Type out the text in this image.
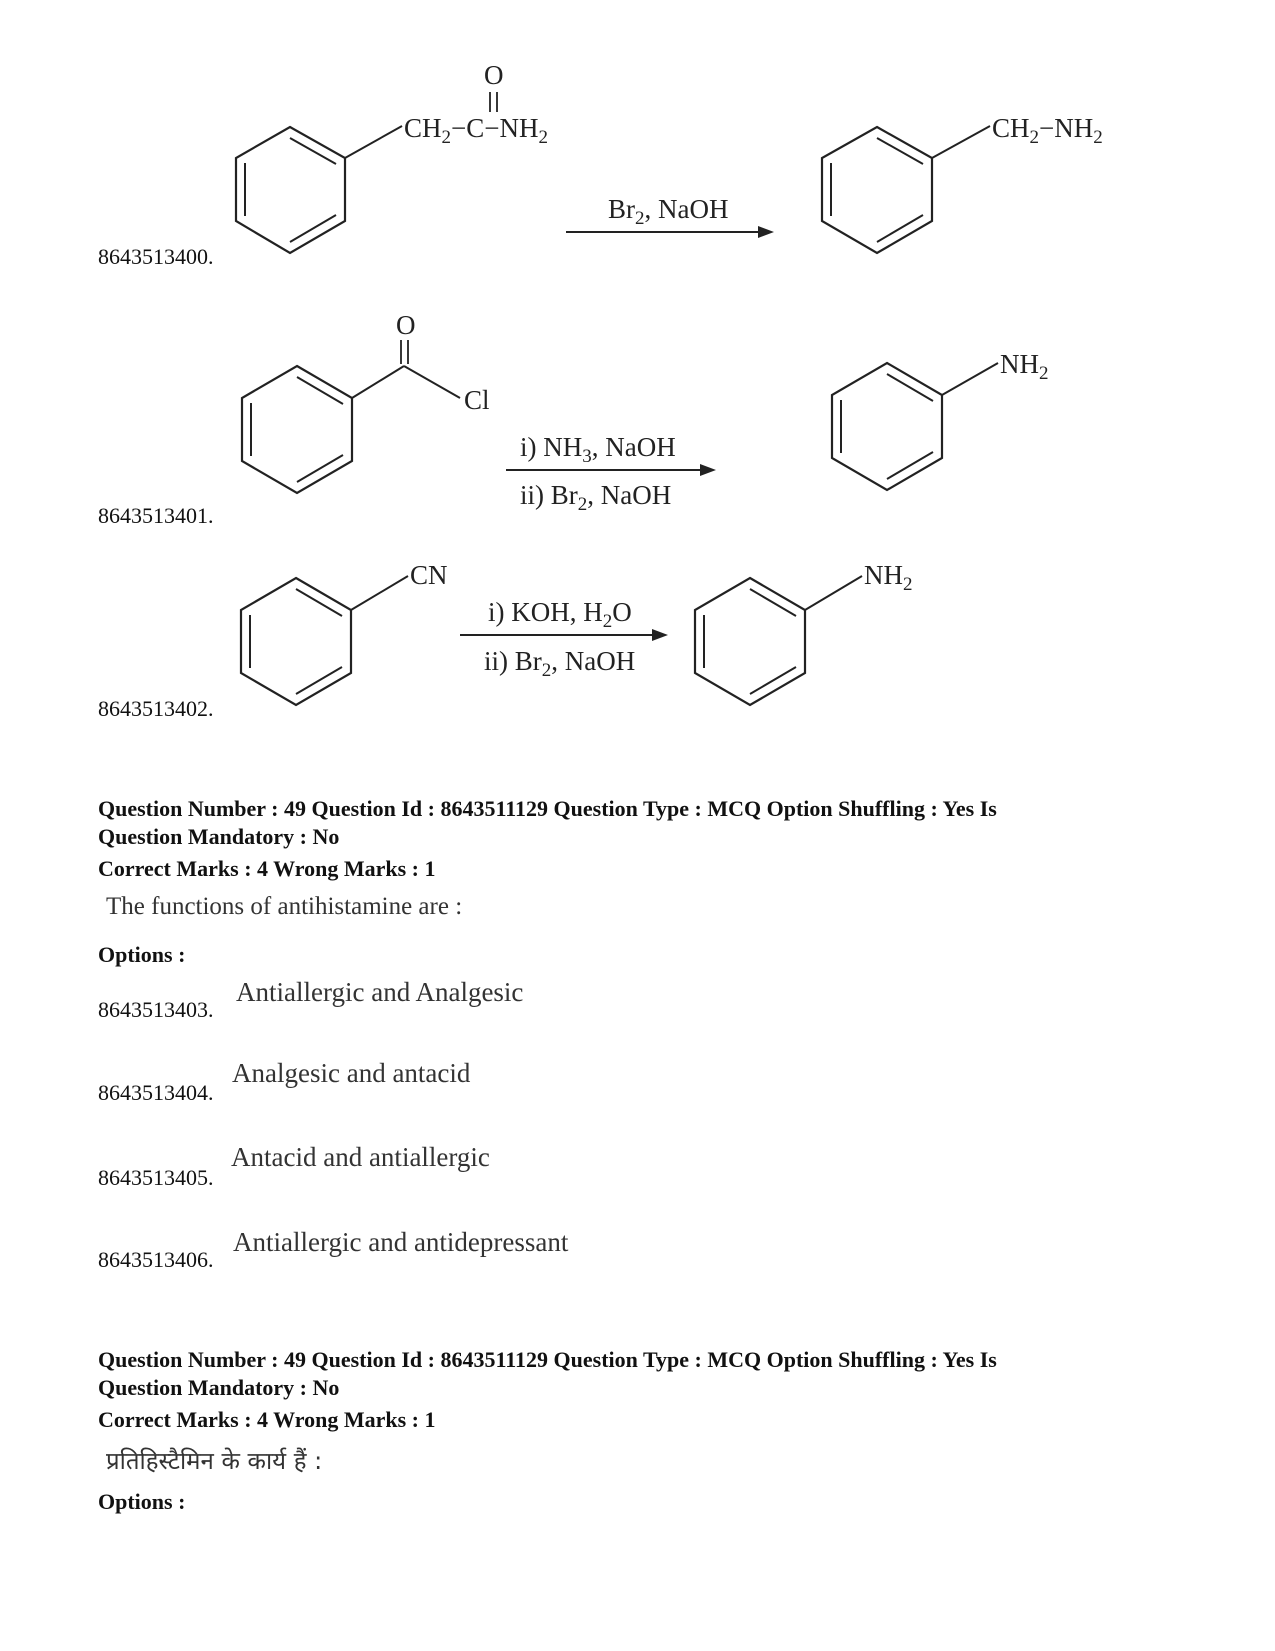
$CH_2-C-NH_2$
O
$Br_2$, NaOH
$CH_2-NH_2$
O
Cl
i) $NH_3$, NaOH
ii) $Br_2$, NaOH
$NH_2$
CN
i) KOH, $H_2O$
ii) $Br_2$, NaOH
$NH_2$
8643513400.
8643513401.
8643513402.
Question Number : 49 Question Id : 8643511129 Question Type : MCQ Option Shuffling : Yes Is
Question Mandatory : No
Correct Marks : 4 Wrong Marks : 1
The functions of antihistamine are :
Options :
8643513403.
Antiallergic and Analgesic
8643513404.
Analgesic and antacid
8643513405.
Antacid and antiallergic
8643513406.
Antiallergic and antidepressant
Question Number : 49 Question Id : 8643511129 Question Type : MCQ Option Shuffling : Yes Is
Question Mandatory : No
Correct Marks : 4 Wrong Marks : 1
प्रतिहिस्टैमिन के कार्य हैं :
Options :
